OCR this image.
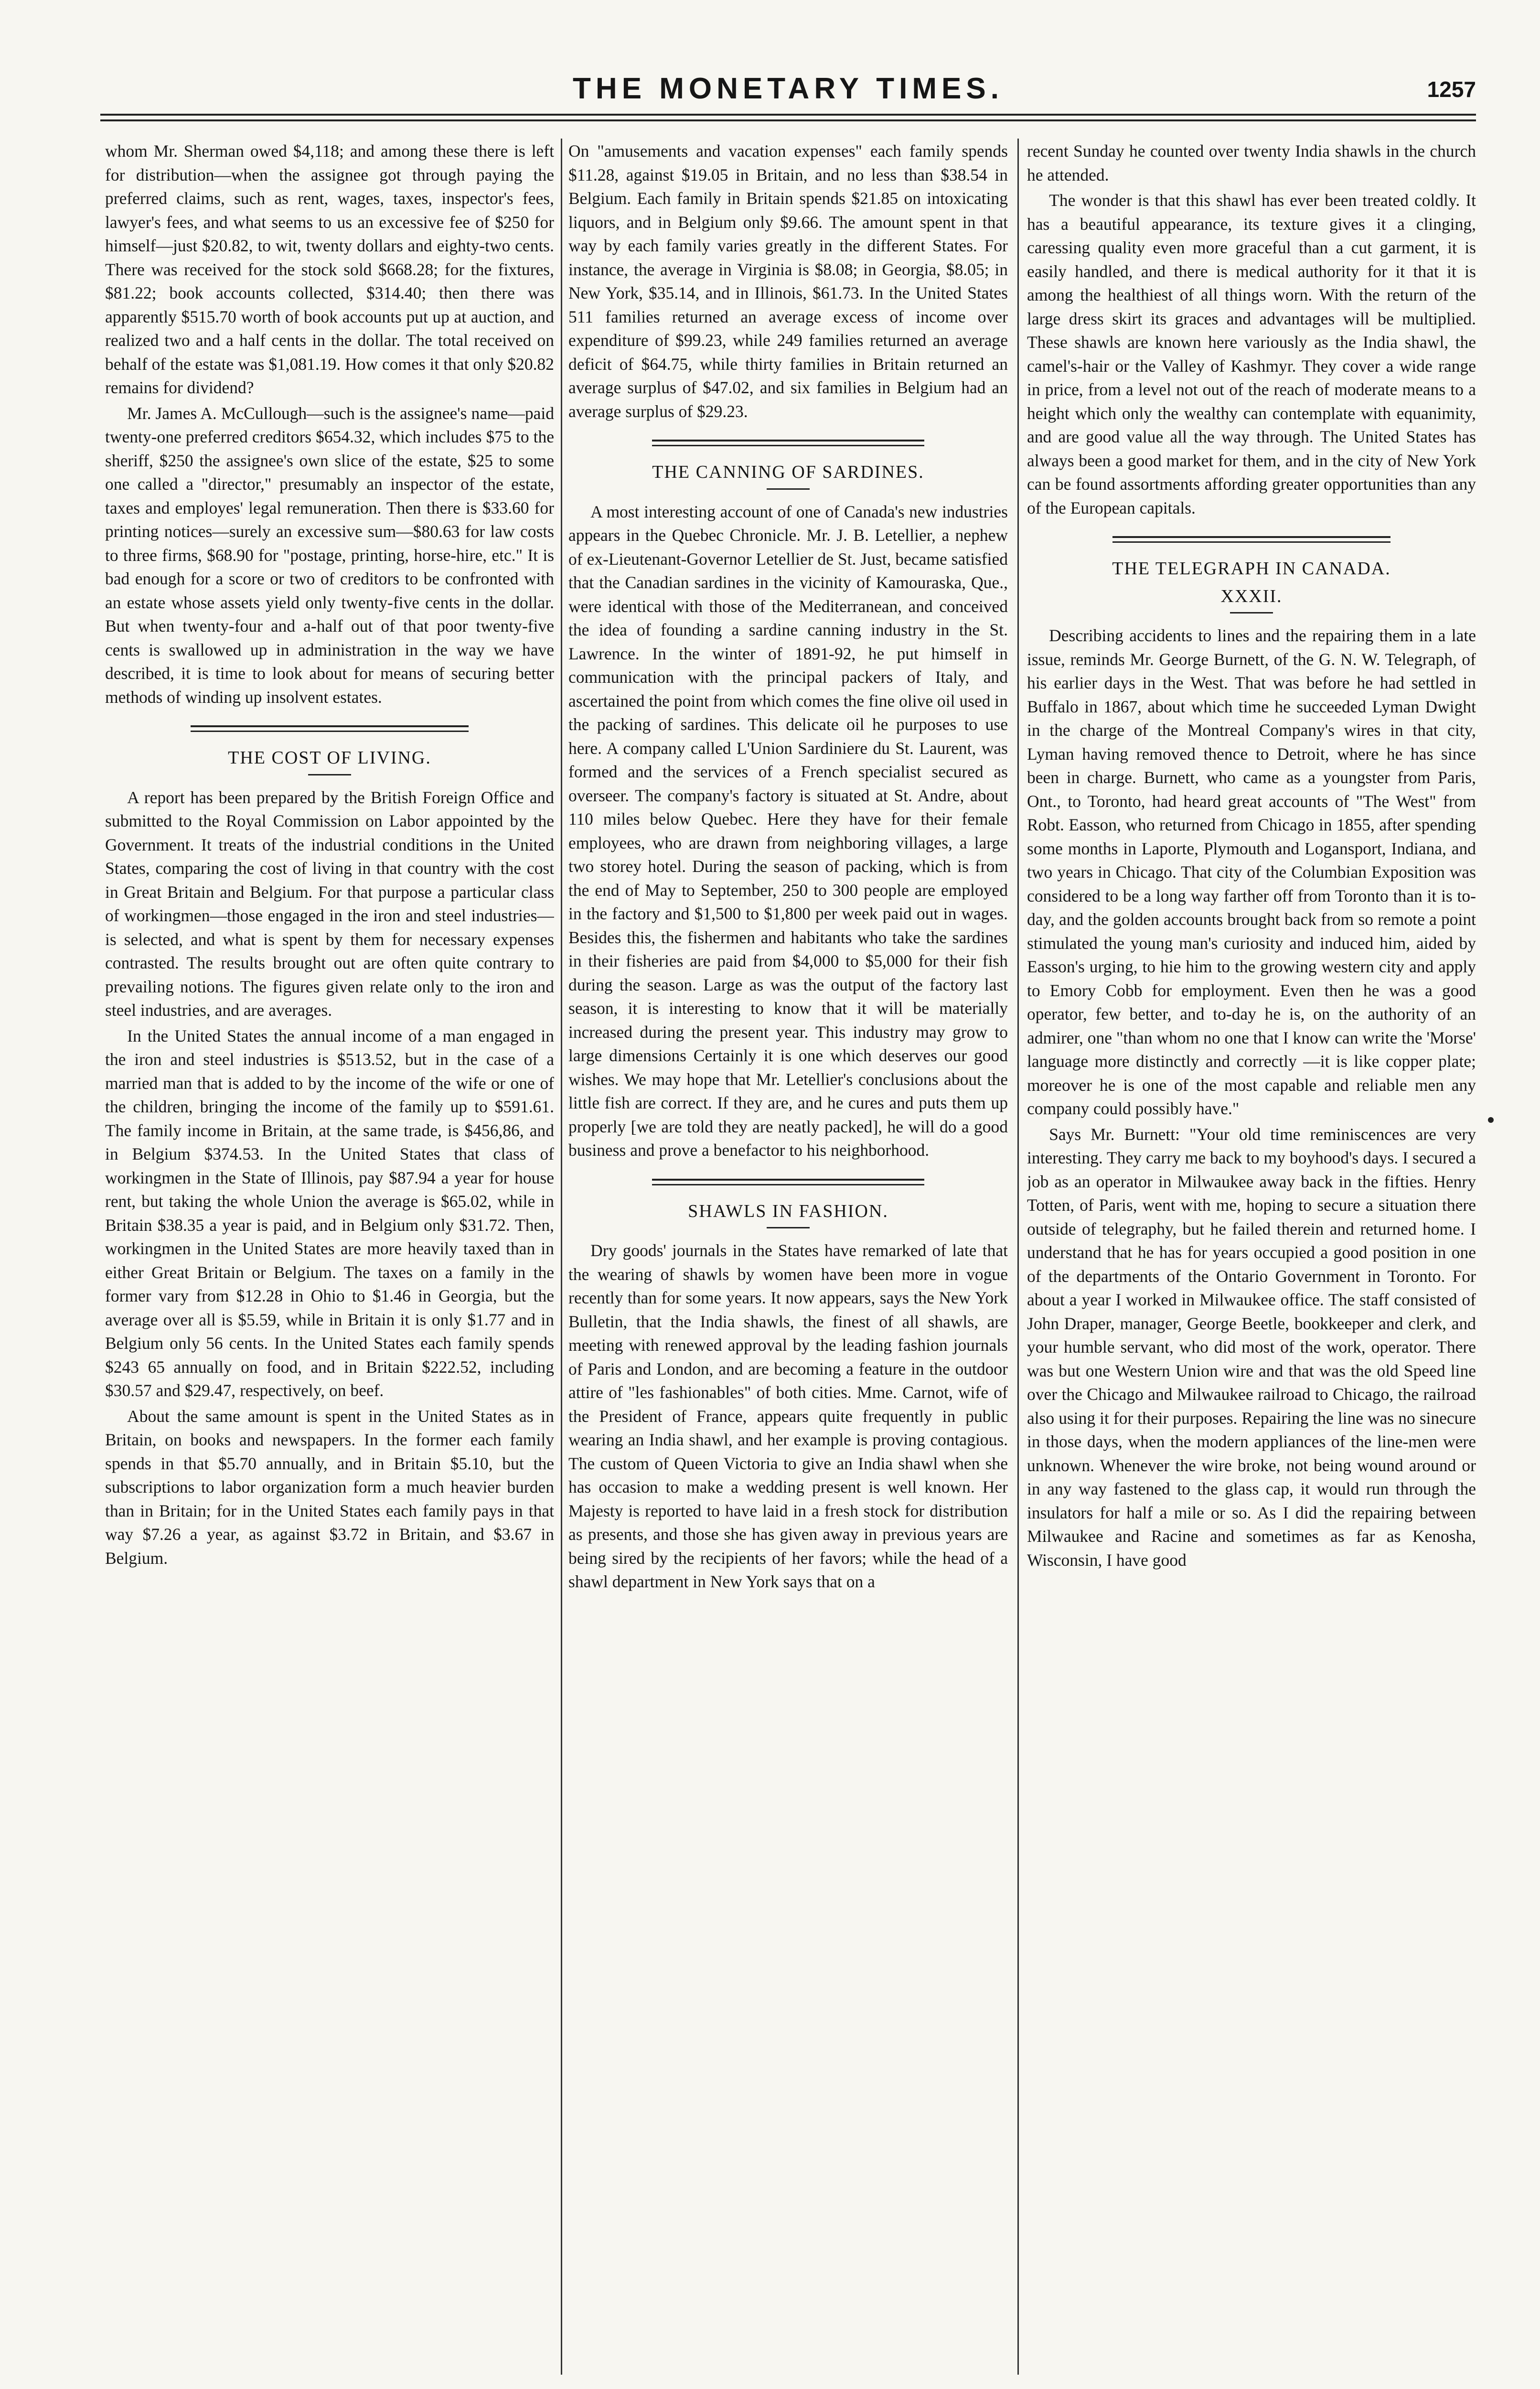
THE MONETARY TIMES.	1257

whom Mr. Sherman owed $4,118; and among these there is left for distribution—when the assignee got through paying the preferred claims, such as rent, wages, taxes, inspector's fees, lawyer's fees, and what seems to us an excessive fee of $250 for himself—just $20.82, to wit, twenty dollars and eighty-two cents. There was received for the stock sold $668.28; for the fixtures, $81.22; book accounts collected, $314.40; then there was apparently $515.70 worth of book accounts put up at auction, and realized two and a half cents in the dollar. The total received on behalf of the estate was $1,081.19. How comes it that only $20.82 remains for dividend?

Mr. James A. McCullough—such is the assignee's name—paid twenty-one preferred creditors $654.32, which includes $75 to the sheriff, $250 the assignee's own slice of the estate, $25 to some one called a "director," presumably an inspector of the estate, taxes and employes' legal remuneration. Then there is $33.60 for printing notices—surely an excessive sum—$80.63 for law costs to three firms, $68.90 for "postage, printing, horse-hire, etc." It is bad enough for a score or two of creditors to be confronted with an estate whose assets yield only twenty-five cents in the dollar. But when twenty-four and a-half out of that poor twenty-five cents is swallowed up in administration in the way we have described, it is time to look about for means of securing better methods of winding up insolvent estates.

THE COST OF LIVING.

A report has been prepared by the British Foreign Office and submitted to the Royal Commission on Labor appointed by the Government. It treats of the industrial conditions in the United States, comparing the cost of living in that country with the cost in Great Britain and Belgium. For that purpose a particular class of workingmen—those engaged in the iron and steel industries—is selected, and what is spent by them for necessary expenses contrasted. The results brought out are often quite contrary to prevailing notions. The figures given relate only to the iron and steel industries, and are averages.

In the United States the annual income of a man engaged in the iron and steel industries is $513.52, but in the case of a married man that is added to by the income of the wife or one of the children, bringing the income of the family up to $591.61. The family income in Britain, at the same trade, is $456,86, and in Belgium $374.53. In the United States that class of workingmen in the State of Illinois, pay $87.94 a year for house rent, but taking the whole Union the average is $65.02, while in Britain $38.35 a year is paid, and in Belgium only $31.72. Then, workingmen in the United States are more heavily taxed than in either Great Britain or Belgium. The taxes on a family in the former vary from $12.28 in Ohio to $1.46 in Georgia, but the average over all is $5.59, while in Britain it is only $1.77 and in Belgium only 56 cents. In the United States each family spends $243 65 annually on food, and in Britain $222.52, including $30.57 and $29.47, respectively, on beef.

About the same amount is spent in the United States as in Britain, on books and newspapers. In the former each family spends in that $5.70 annually, and in Britain $5.10, but the subscriptions to labor organization form a much heavier burden than in Britain; for in the United States each family pays in that way $7.26 a year, as against $3.72 in Britain, and $3.67 in Belgium.

On "amusements and vacation expenses" each family spends $11.28, against $19.05 in Britain, and no less than $38.54 in Belgium. Each family in Britain spends $21.85 on intoxicating liquors, and in Belgium only $9.66. The amount spent in that way by each family varies greatly in the different States. For instance, the average in Virginia is $8.08; in Georgia, $8.05; in New York, $35.14, and in Illinois, $61.73. In the United States 511 families returned an average excess of income over expenditure of $99.23, while 249 families returned an average deficit of $64.75, while thirty families in Britain returned an average surplus of $47.02, and six families in Belgium had an average surplus of $29.23.

THE CANNING OF SARDINES.

A most interesting account of one of Canada's new industries appears in the Quebec Chronicle. Mr. J. B. Letellier, a nephew of ex-Lieutenant-Governor Letellier de St. Just, became satisfied that the Canadian sardines in the vicinity of Kamouraska, Que., were identical with those of the Mediterranean, and conceived the idea of founding a sardine canning industry in the St. Lawrence. In the winter of 1891-92, he put himself in communication with the principal packers of Italy, and ascertained the point from which comes the fine olive oil used in the packing of sardines. This delicate oil he purposes to use here. A company called L'Union Sardiniere du St. Laurent, was formed and the services of a French specialist secured as overseer. The company's factory is situated at St. Andre, about 110 miles below Quebec. Here they have for their female employees, who are drawn from neighboring villages, a large two storey hotel. During the season of packing, which is from the end of May to September, 250 to 300 people are employed in the factory and $1,500 to $1,800 per week paid out in wages. Besides this, the fishermen and habitants who take the sardines in their fisheries are paid from $4,000 to $5,000 for their fish during the season. Large as was the output of the factory last season, it is interesting to know that it will be materially increased during the present year. This industry may grow to large dimensions Certainly it is one which deserves our good wishes. We may hope that Mr. Letellier's conclusions about the little fish are correct. If they are, and he cures and puts them up properly [we are told they are neatly packed], he will do a good business and prove a benefactor to his neighborhood.

SHAWLS IN FASHION.

Dry goods' journals in the States have remarked of late that the wearing of shawls by women have been more in vogue recently than for some years. It now appears, says the New York Bulletin, that the India shawls, the finest of all shawls, are meeting with renewed approval by the leading fashion journals of Paris and London, and are becoming a feature in the outdoor attire of "les fashionables" of both cities. Mme. Carnot, wife of the President of France, appears quite frequently in public wearing an India shawl, and her example is proving contagious. The custom of Queen Victoria to give an India shawl when she has occasion to make a wedding present is well known. Her Majesty is reported to have laid in a fresh stock for distribution as presents, and those she has given away in previous years are being sired by the recipients of her favors; while the head of a shawl department in New York says that on a

recent Sunday he counted over twenty India shawls in the church he attended.

The wonder is that this shawl has ever been treated coldly. It has a beautiful appearance, its texture gives it a clinging, caressing quality even more graceful than a cut garment, it is easily handled, and there is medical authority for it that it is among the healthiest of all things worn. With the return of the large dress skirt its graces and advantages will be multiplied. These shawls are known here variously as the India shawl, the camel's-hair or the Valley of Kashmyr. They cover a wide range in price, from a level not out of the reach of moderate means to a height which only the wealthy can contemplate with equanimity, and are good value all the way through. The United States has always been a good market for them, and in the city of New York can be found assortments affording greater opportunities than any of the European capitals.

THE TELEGRAPH IN CANADA.
XXXII.

Describing accidents to lines and the repairing them in a late issue, reminds Mr. George Burnett, of the G. N. W. Telegraph, of his earlier days in the West. That was before he had settled in Buffalo in 1867, about which time he succeeded Lyman Dwight in the charge of the Montreal Company's wires in that city, Lyman having removed thence to Detroit, where he has since been in charge. Burnett, who came as a youngster from Paris, Ont., to Toronto, had heard great accounts of "The West" from Robt. Easson, who returned from Chicago in 1855, after spending some months in Laporte, Plymouth and Logansport, Indiana, and two years in Chicago. That city of the Columbian Exposition was considered to be a long way farther off from Toronto than it is to-day, and the golden accounts brought back from so remote a point stimulated the young man's curiosity and induced him, aided by Easson's urging, to hie him to the growing western city and apply to Emory Cobb for employment. Even then he was a good operator, few better, and to-day he is, on the authority of an admirer, one "than whom no one that I know can write the 'Morse' language more distinctly and correctly —it is like copper plate; moreover he is one of the most capable and reliable men any company could possibly have."

Says Mr. Burnett: "Your old time reminiscences are very interesting. They carry me back to my boyhood's days. I secured a job as an operator in Milwaukee away back in the fifties. Henry Totten, of Paris, went with me, hoping to secure a situation there outside of telegraphy, but he failed therein and returned home. I understand that he has for years occupied a good position in one of the departments of the Ontario Government in Toronto. For about a year I worked in Milwaukee office. The staff consisted of John Draper, manager, George Beetle, bookkeeper and clerk, and your humble servant, who did most of the work, operator. There was but one Western Union wire and that was the old Speed line over the Chicago and Milwaukee railroad to Chicago, the railroad also using it for their purposes. Repairing the line was no sinecure in those days, when the modern appliances of the line-men were unknown. Whenever the wire broke, not being wound around or in any way fastened to the glass cap, it would run through the insulators for half a mile or so. As I did the repairing between Milwaukee and Racine and sometimes as far as Kenosha, Wisconsin, I have good
